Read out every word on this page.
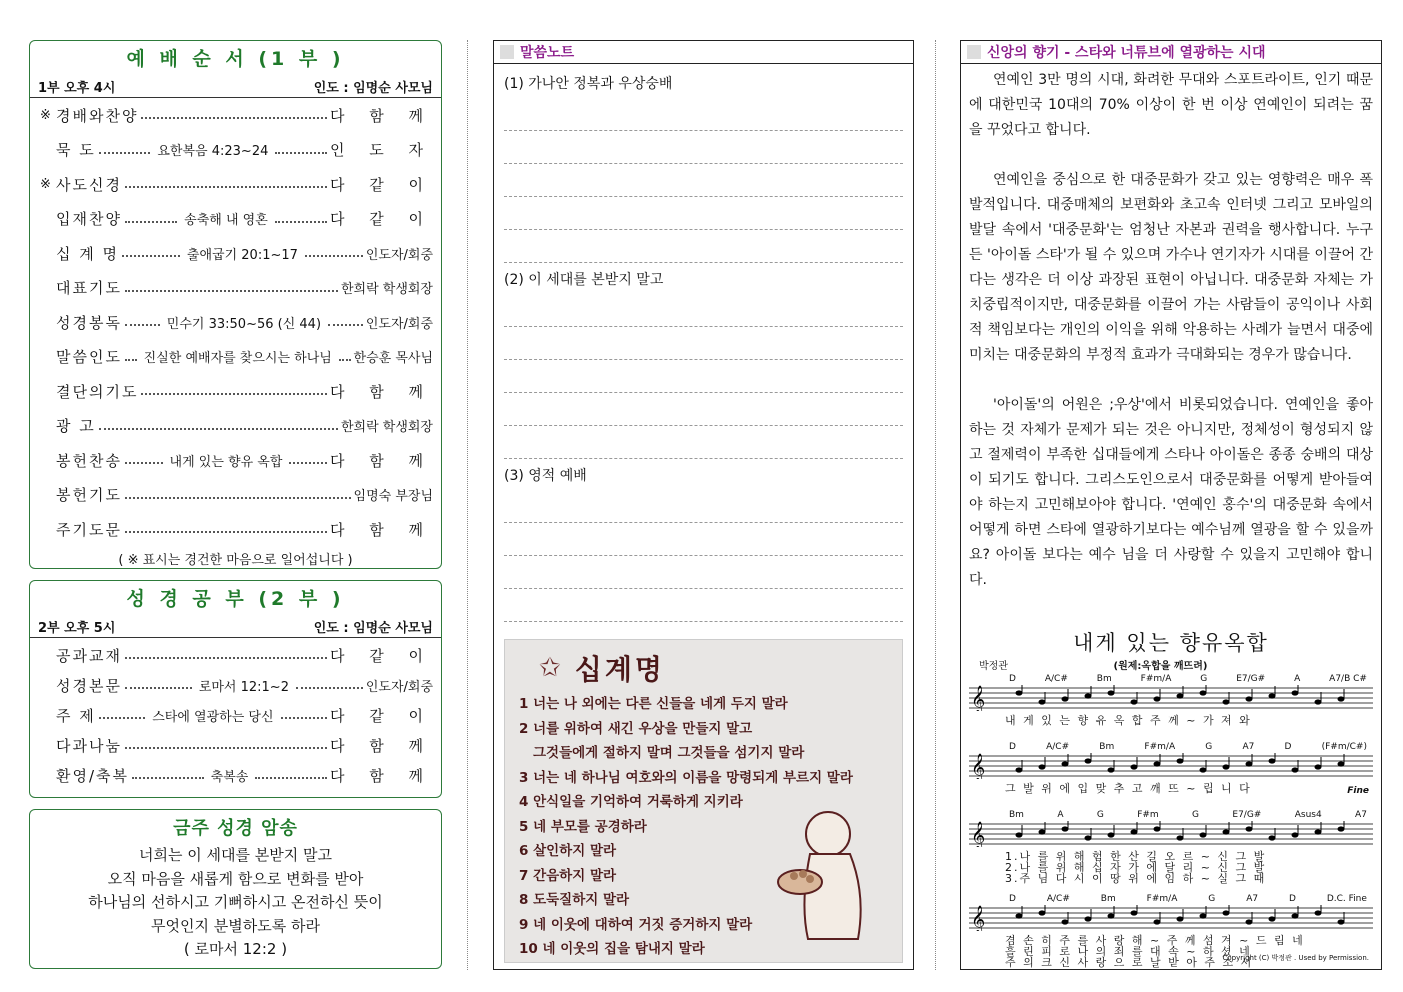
예 배 순 서 (1 부 )
1부 오후 4시	인도 : 임명순 사모님
※ 경배와찬양	다 함 께
묵 도	요한복음 4:23~24	인 도 자
※ 사도신경	다 같 이
입재찬양	송축해 내 영혼	다 같 이
십 계 명	출애굽기 20:1~17	인도자/회중
대표기도	한희락 학생회장
성경봉독	민수기 33:50~56 (신 44)	인도자/회중
말씀인도	진실한 예배자를 찾으시는 하나님	한승훈 목사님
결단의기도	다 함 께
광 고	한희락 학생회장
봉헌찬송	내게 있는 향유 옥합	다 함 께
봉헌기도	임명숙 부장님
주기도문	다 함 께
( ※ 표시는 경건한 마음으로 일어섭니다 )
성 경 공 부 (2 부 )
2부 오후 5시	인도 : 임명순 사모님
공과교재	다 같 이
성경본문	로마서 12:1~2	인도자/회중
주 제	스타에 열광하는 당신	다 같 이
다과나눔	다 함 께
환영/축복	축복송	다 함 께
금주 성경 암송
너희는 이 세대를 본받지 말고
오직 마음을 새롭게 함으로 변화를 받아
하나님의 선하시고 기뻐하시고 온전하신 뜻이
무엇인지 분별하도록 하라
( 로마서 12:2 )
말씀노트
(1) 가나안 정복과 우상숭배
(2) 이 세대를 본받지 말고
(3) 영적 예배
✩ 십계명
1 너는 나 외에는 다른 신들을 네게 두지 말라
2 너를 위하여 새긴 우상을 만들지 말고
그것들에게 절하지 말며 그것들을 섬기지 말라
3 너는 네 하나님 여호와의 이름을 망령되게 부르지 말라
4 안식일을 기억하여 거룩하게 지키라
5 네 부모를 공경하라
6 살인하지 말라
7 간음하지 말라
8 도둑질하지 말라
9 네 이웃에 대하여 거짓 증거하지 말라
10 네 이웃의 집을 탐내지 말라
신앙의 향기 - 스타와 너튜브에 열광하는 시대

연예인 3만 명의 시대, 화려한 무대와 스포트라이트, 인기 때문에 대한민국 10대의 70% 이상이 한 번 이상 연예인이 되려는 꿈을 꾸었다고 합니다.

연예인을 중심으로 한 대중문화가 갖고 있는 영향력은 매우 폭발적입니다. 대중매체의 보편화와 초고속 인터넷 그리고 모바일의 발달 속에서 '대중문화'는 엄청난 자본과 권력을 행사합니다. 누구든 '아이돌 스타'가 될 수 있으며 가수나 연기자가 시대를 이끌어 간다는 생각은 더 이상 과장된 표현이 아닙니다. 대중문화 자체는 가치중립적이지만, 대중문화를 이끌어 가는 사람들이 공익이나 사회적 책임보다는 개인의 이익을 위해 악용하는 사례가 늘면서 대중에 미치는 대중문화의 부정적 효과가 극대화되는 경우가 많습니다.

'아이돌'의 어원은 ;우상'에서 비롯되었습니다. 연예인을 좋아하는 것 자체가 문제가 되는 것은 아니지만, 정체성이 형성되지 않고 절제력이 부족한 십대들에게 스타나 아이돌은 종종 숭배의 대상이 되기도 합니다. 그리스도인으로서 대중문화를 어떻게 받아들여야 하는지 고민해보아야 합니다. '연예인 홍수'의 대중문화 속에서 어떻게 하면 스타에 열광하기보다는 예수님께 열광을 할 수 있을까요? 아이돌 보다는 예수 님을 더 사랑할 수 있을지 고민해야 합니다.

내게 있는 향유옥합
박정관	(원제:옥합을 깨뜨려)
D	A/C#	Bm	F#m/A	G	E7/G#	A	A7/B C#
𝄞
내 게 있 는 향 유 옥 합 주 께 ~ 가 져 와
D	A/C#	Bm	F#m/A	G	A7	D	(F#m/C#)
𝄞
그 발 위 에 입 맞 추 고 깨 뜨 ~ 립 니 다	Fine
Bm	A	G	F#m	G	E7/G#	Asus4	A7
𝄞
1.나 를 위 해 험 한 산 길 오 르 ~ 신 그 발
2.나 를 위 해 십 자 가 에 달 리 ~ 신 그 발
3.주 님 다 시 이 땅 위 에 임 하 ~ 실 그 때
D	A/C#	Bm	F#m/A	G	A7	D	D.C. Fine
𝄞
겸 손 히 주 를 사 랑 해 ~ 주 께 섬 겨 ~ 드 림 네
흘 린 피 로 나 의 죄 를 대 속 ~ 하 셨 네
주 의 크 신 사 랑 으 로 날 받 아 주 소 서
Copyright (C) 박정관 . Used by Permission.
